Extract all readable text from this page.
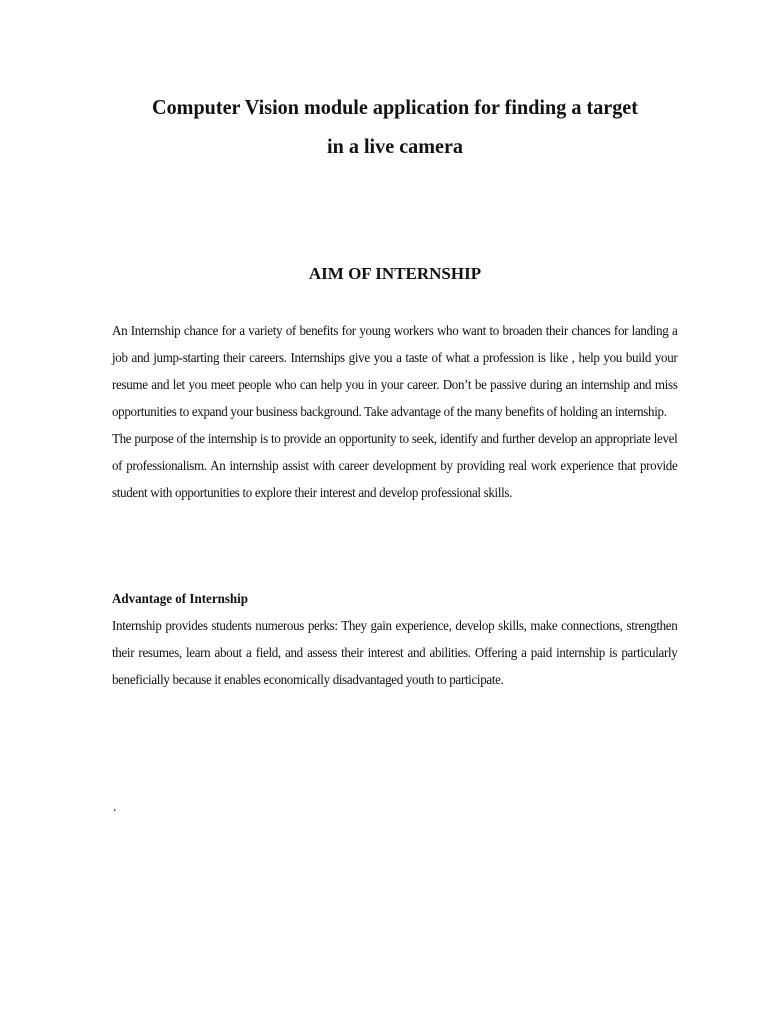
Computer Vision module application for finding a target
in a live camera
AIM OF INTERNSHIP

An Internship chance for a variety of benefits for young workers who want to broaden their chances for landing a job and jump-starting their careers. Internships give you a taste of what a profession is like , help you build your resume and let you meet people who can help you in your career. Don’t be passive during an internship and miss opportunities to expand your business background. Take advantage of the many benefits of holding an internship.

The purpose of the internship is to provide an opportunity to seek, identify and further develop an appropriate level of professionalism. An internship assist with career development by providing real work experience that provide student with opportunities to explore their interest and develop professional skills.

Advantage of Internship

Internship provides students numerous perks: They gain experience, develop skills, make connections, strengthen their resumes, learn about a field, and assess their interest and abilities. Offering a paid internship is particularly beneficially because it enables economically disadvantaged youth to participate.

.
